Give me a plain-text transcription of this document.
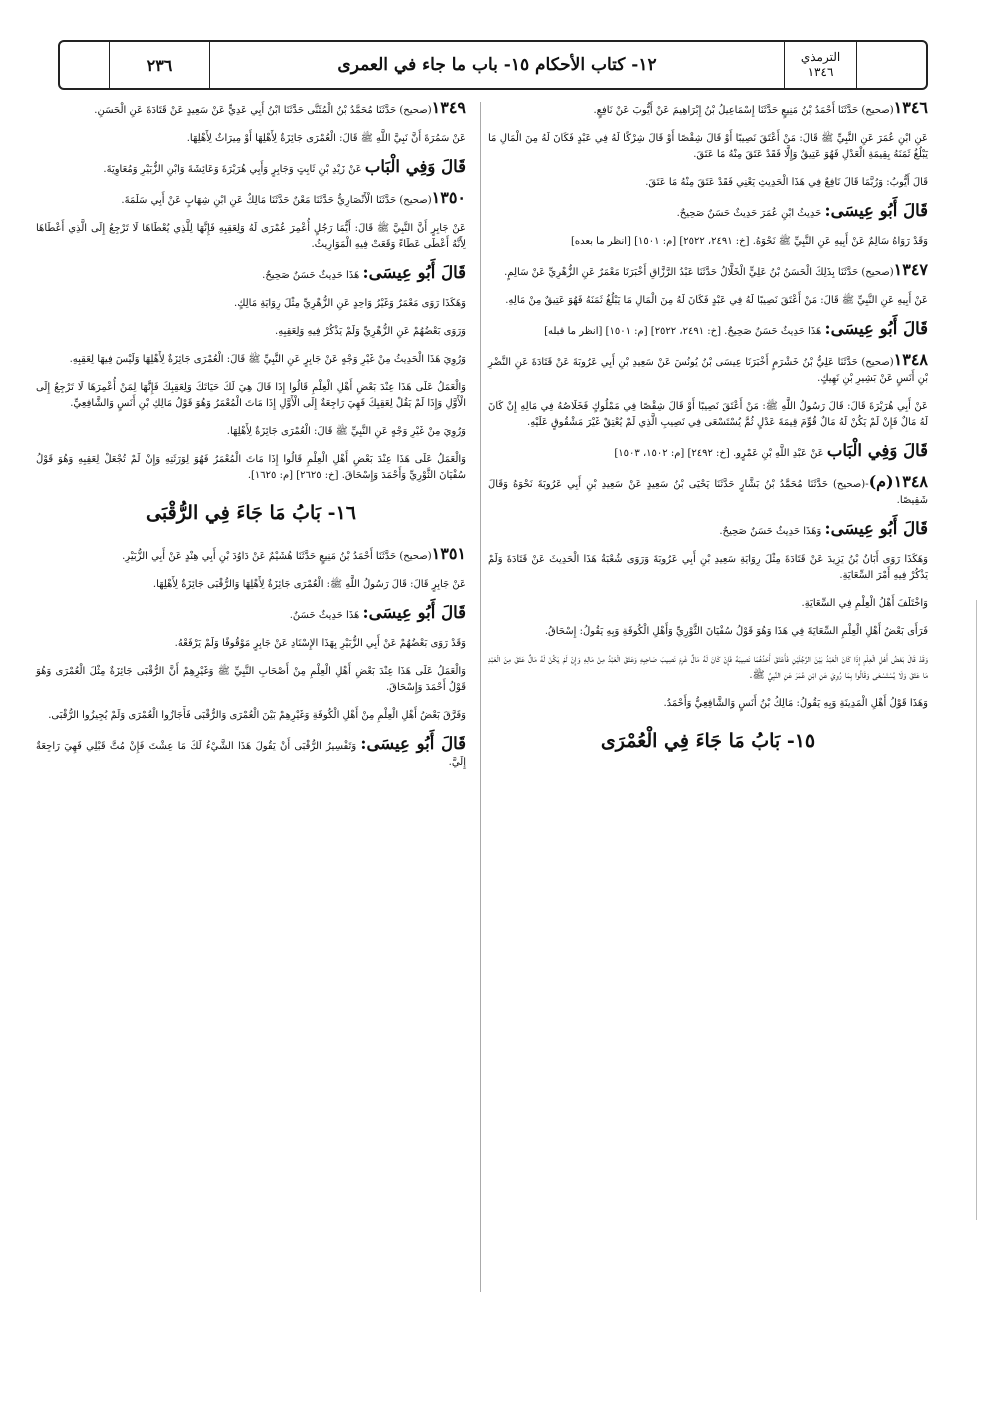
الترمذي
١٣٤٦
١٢- كتاب الأحكام ١٥- باب ما جاء في العمرى
٢٣٦

١٣٤٦(صحيح) حَدَّثَنَا أَحْمَدُ بْنُ مَنِيعٍ حَدَّثَنَا إِسْمَاعِيلُ بْنُ إِبْرَاهِيمَ عَنْ أَيُّوبَ عَنْ نَافِعٍ.

عَنِ ابْنِ عُمَرَ عَنِ النَّبِيِّ ﷺ قَالَ: مَنْ أَعْتَقَ نَصِيبًا أَوْ قَالَ شِقْصًا أَوْ قَالَ شِرْكًا لَهُ فِي عَبْدٍ فَكَانَ لَهُ مِنَ الْمَالِ مَا يَبْلُغُ ثَمَنَهُ بِقِيمَةِ الْعَدْلِ فَهُوَ عَتِيقٌ وَإِلَّا فَقَدْ عَتَقَ مِنْهُ مَا عَتَقَ.

قَالَ أَيُّوبُ: وَرُبَّمَا قَالَ نَافِعٌ فِي هَذَا الْحَدِيثِ يَعْنِي فَقَدْ عَتَقَ مِنْهُ مَا عَتَقَ.

قَالَ أَبُو عِيسَى: حَدِيثُ ابْنِ عُمَرَ حَدِيثٌ حَسَنٌ صَحِيحٌ.

وَقَدْ رَوَاهُ سَالِمٌ عَنْ أَبِيهِ عَنِ النَّبِيِّ ﷺ نَحْوَهُ. [خ: ٢٤٩١، ٢٥٢٢] [م: ١٥٠١] [انظر ما بعده]

١٣٤٧(صحيح) حَدَّثَنَا بِذَلِكَ الْحَسَنُ بْنُ عَلِيٍّ الْخَلَّالُ حَدَّثَنَا عَبْدُ الرَّزَّاقِ أَخْبَرَنَا مَعْمَرٌ عَنِ الزُّهْرِيِّ عَنْ سَالِمٍ.

عَنْ أَبِيهِ عَنِ النَّبِيِّ ﷺ قَالَ: مَنْ أَعْتَقَ نَصِيبًا لَهُ فِي عَبْدٍ فَكَانَ لَهُ مِنَ الْمَالِ مَا يَبْلُغُ ثَمَنَهُ فَهُوَ عَتِيقٌ مِنْ مَالِهِ.

قَالَ أَبُو عِيسَى: هَذَا حَدِيثٌ حَسَنٌ صَحِيحٌ. [خ: ٢٤٩١، ٢٥٢٢] [م: ١٥٠١] [انظر ما قبله]

١٣٤٨(صحيح) حَدَّثَنَا عَلِيُّ بْنُ خَشْرَمٍ أَخْبَرَنَا عِيسَى بْنُ يُونُسَ عَنْ سَعِيدِ بْنِ أَبِي عَرُوبَةَ عَنْ قَتَادَةَ عَنِ النَّضْرِ بْنِ أَنَسٍ عَنْ بَشِيرِ بْنِ نَهِيكٍ.

عَنْ أَبِي هُرَيْرَةَ قَالَ: قَالَ رَسُولُ اللَّهِ ﷺ: مَنْ أَعْتَقَ نَصِيبًا أَوْ قَالَ شِقْصًا فِي مَمْلُوكٍ فَخَلَاصُهُ فِي مَالِهِ إِنْ كَانَ لَهُ مَالٌ فَإِنْ لَمْ يَكُنْ لَهُ مَالٌ قُوِّمَ قِيمَةَ عَدْلٍ ثُمَّ يُسْتَسْعَى فِي نَصِيبِ الَّذِي لَمْ يُعْتِقْ غَيْرَ مَشْقُوقٍ عَلَيْهِ.

قَالَ وَفِي الْبَاب عَنْ عَبْدِ اللَّهِ بْنِ عَمْرٍو. [خ: ٢٤٩٢] [م: ١٥٠٢، ١٥٠٣]

١٣٤٨(م)-(صحيح) حَدَّثَنَا مُحَمَّدُ بْنُ بَشَّارٍ حَدَّثَنَا يَحْيَى بْنُ سَعِيدٍ عَنْ سَعِيدِ بْنِ أَبِي عَرُوبَةَ نَحْوَهُ وَقَالَ شَقِيصًا.

قَالَ أَبُو عِيسَى: وَهَذَا حَدِيثٌ حَسَنٌ صَحِيحٌ.

وَهَكَذَا رَوَى أَبَانُ بْنُ يَزِيدَ عَنْ قَتَادَةَ مِثْلَ رِوَايَةِ سَعِيدِ بْنِ أَبِي عَرُوبَةَ وَرَوَى شُعْبَةُ هَذَا الْحَدِيثَ عَنْ قَتَادَةَ وَلَمْ يَذْكُرْ فِيهِ أَمْرَ السِّعَايَةِ.

وَاخْتَلَفَ أَهْلُ الْعِلْمِ فِي السِّعَايَةِ.

فَرَأَى بَعْضُ أَهْلِ الْعِلْمِ السِّعَايَةَ فِي هَذَا وَهُوَ قَوْلُ سُفْيَانَ الثَّوْرِيِّ وَأَهْلِ الْكُوفَةِ وَبِهِ يَقُولُ: إِسْحَاقُ.

وَقَدْ قَالَ بَعْضُ أَهْلِ الْعِلْمِ إِذَا كَانَ الْعَبْدُ بَيْنَ الرَّجُلَيْنِ فَأَعْتَقَ أَحَدُهُمَا نَصِيبَهُ فَإِنْ كَانَ لَهُ مَالٌ غَرِمَ نَصِيبَ صَاحِبِهِ وَعَتَقَ الْعَبْدُ مِنْ مَالِهِ وَإِنْ لَمْ يَكُنْ لَهُ مَالٌ عَتَقَ مِنَ الْعَبْدِ مَا عَتَقَ وَلَا يُسْتَسْعَى وَقَالُوا بِمَا رُوِيَ عَنِ ابْنِ عُمَرَ عَنِ النَّبِيِّ ﷺ.

وَهَذَا قَوْلُ أَهْلِ الْمَدِينَةِ وَبِهِ يَقُولُ: مَالِكُ بْنُ أَنَسٍ وَالشَّافِعِيُّ وَأَحْمَدُ.

١٥- بَابُ مَا جَاءَ فِي الْعُمْرَى

١٣٤٩(صحيح) حَدَّثَنَا مُحَمَّدُ بْنُ الْمُثَنَّى حَدَّثَنَا ابْنُ أَبِي عَدِيٍّ عَنْ سَعِيدٍ عَنْ قَتَادَةَ عَنِ الْحَسَنِ.

عَنْ سَمُرَةَ أَنَّ نَبِيَّ اللَّهِ ﷺ قَالَ: الْعُمْرَى جَائِزَةٌ لِأَهْلِهَا أَوْ مِيرَاثٌ لِأَهْلِهَا.

قَالَ وَفِي الْبَاب عَنْ زَيْدِ بْنِ ثَابِتٍ وَجَابِرٍ وَأَبِي هُرَيْرَةَ وَعَائِشَةَ وَابْنِ الزُّبَيْرِ وَمُعَاوِيَةَ.

١٣٥٠(صحيح) حَدَّثَنَا الْأَنْصَارِيُّ حَدَّثَنَا مَعْنٌ حَدَّثَنَا مَالِكٌ عَنِ ابْنِ شِهَابٍ عَنْ أَبِي سَلَمَةَ.

عَنْ جَابِرٍ أَنَّ النَّبِيَّ ﷺ قَالَ: أَيُّمَا رَجُلٍ أُعْمِرَ عُمْرَى لَهُ وَلِعَقِبِهِ فَإِنَّهَا لِلَّذِي يُعْطَاهَا لَا تَرْجِعُ إِلَى الَّذِي أَعْطَاهَا لِأَنَّهُ أَعْطَى عَطَاءً وَقَعَتْ فِيهِ الْمَوَارِيثُ.

قَالَ أَبُو عِيسَى: هَذَا حَدِيثٌ حَسَنٌ صَحِيحٌ.

وَهَكَذَا رَوَى مَعْمَرٌ وَغَيْرُ وَاحِدٍ عَنِ الزُّهْرِيِّ مِثْلَ رِوَايَةِ مَالِكٍ.

وَرَوَى بَعْضُهُمْ عَنِ الزُّهْرِيِّ وَلَمْ يَذْكُرْ فِيهِ وَلِعَقِبِهِ.

وَرُوِيَ هَذَا الْحَدِيثُ مِنْ غَيْرِ وَجْهٍ عَنْ جَابِرٍ عَنِ النَّبِيِّ ﷺ قَالَ: الْعُمْرَى جَائِزَةٌ لِأَهْلِهَا وَلَيْسَ فِيهَا لِعَقِبِهِ.

وَالْعَمَلُ عَلَى هَذَا عِنْدَ بَعْضِ أَهْلِ الْعِلْمِ قَالُوا إِذَا قَالَ هِيَ لَكَ حَيَاتَكَ وَلِعَقِبِكَ فَإِنَّهَا لِمَنْ أُعْمِرَهَا لَا تَرْجِعُ إِلَى الْأَوَّلِ وَإِذَا لَمْ يَقُلْ لِعَقِبِكَ فَهِيَ رَاجِعَةٌ إِلَى الْأَوَّلِ إِذَا مَاتَ الْمُعْمَرُ وَهُوَ قَوْلُ مَالِكِ بْنِ أَنَسٍ وَالشَّافِعِيِّ.

وَرُوِيَ مِنْ غَيْرِ وَجْهٍ عَنِ النَّبِيِّ ﷺ قَالَ: الْعُمْرَى جَائِزَةٌ لِأَهْلِهَا.

وَالْعَمَلُ عَلَى هَذَا عِنْدَ بَعْضِ أَهْلِ الْعِلْمِ قَالُوا إِذَا مَاتَ الْمُعْمَرُ فَهُوَ لِوَرَثَتِهِ وَإِنْ لَمْ تُجْعَلْ لِعَقِبِهِ وَهُوَ قَوْلُ سُفْيَانَ الثَّوْرِيِّ وَأَحْمَدَ وَإِسْحَاقَ. [خ: ٢٦٢٥] [م: ١٦٢٥].

١٦- بَابُ مَا جَاءَ فِي الرُّقْبَى

١٣٥١(صحيح) حَدَّثَنَا أَحْمَدُ بْنُ مَنِيعٍ حَدَّثَنَا هُشَيْمٌ عَنْ دَاوُدَ بْنِ أَبِي هِنْدٍ عَنْ أَبِي الزُّبَيْرِ.

عَنْ جَابِرٍ قَالَ: قَالَ رَسُولُ اللَّهِ ﷺ: الْعُمْرَى جَائِزَةٌ لِأَهْلِهَا وَالرُّقْبَى جَائِزَةٌ لِأَهْلِهَا.

قَالَ أَبُو عِيسَى: هَذَا حَدِيثٌ حَسَنٌ.

وَقَدْ رَوَى بَعْضُهُمْ عَنْ أَبِي الزُّبَيْرِ بِهَذَا الإِسْنَادِ عَنْ جَابِرٍ مَوْقُوفًا وَلَمْ يَرْفَعْهُ.

وَالْعَمَلُ عَلَى هَذَا عِنْدَ بَعْضِ أَهْلِ الْعِلْمِ مِنْ أَصْحَابِ النَّبِيِّ ﷺ وَغَيْرِهِمْ أَنَّ الرُّقْبَى جَائِزَةٌ مِثْلَ الْعُمْرَى وَهُوَ قَوْلُ أَحْمَدَ وَإِسْحَاقَ.

وَفَرَّقَ بَعْضُ أَهْلِ الْعِلْمِ مِنْ أَهْلِ الْكُوفَةِ وَغَيْرِهِمْ بَيْنَ الْعُمْرَى وَالرُّقْبَى فَأَجَازُوا الْعُمْرَى وَلَمْ يُجِيزُوا الرُّقْبَى.

قَالَ أَبُو عِيسَى: وَتَفْسِيرُ الرُّقْبَى أَنْ يَقُولَ هَذَا الشَّيْءُ لَكَ مَا عِشْتَ فَإِنْ مُتَّ قَبْلِي فَهِيَ رَاجِعَةٌ إِلَيَّ.
